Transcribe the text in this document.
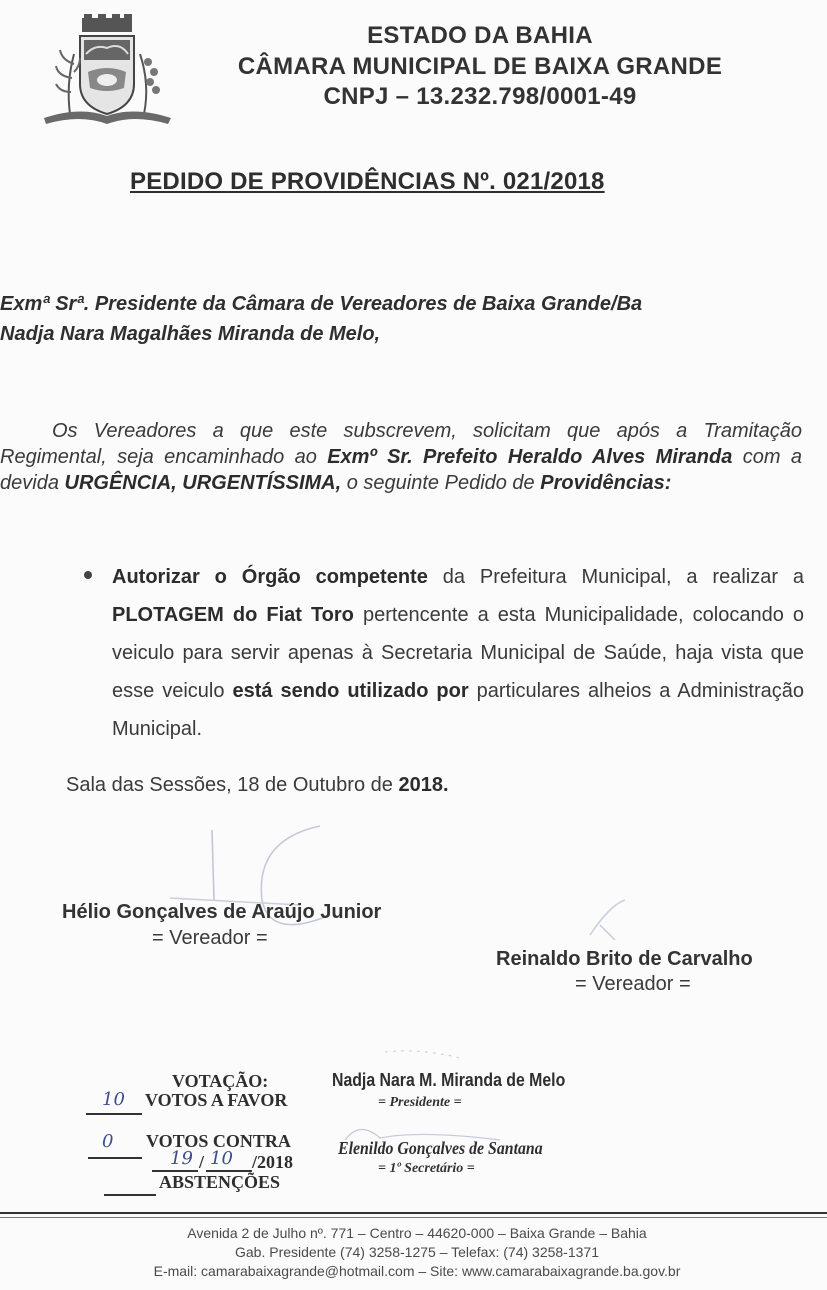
ESTADO DA BAHIA
CÂMARA MUNICIPAL DE BAIXA GRANDE
CNPJ – 13.232.798/0001-49
PEDIDO DE PROVIDÊNCIAS Nº. 021/2018
Exmª Srª. Presidente da Câmara de Vereadores de Baixa Grande/Ba
Nadja Nara Magalhães Miranda de Melo,
Os Vereadores a que este subscrevem, solicitam que após a Tramitação Regimental, seja encaminhado ao Exmº Sr. Prefeito Heraldo Alves Miranda com a devida URGÊNCIA, URGENTÍSSIMA, o seguinte Pedido de Providências:
Autorizar o Órgão competente da Prefeitura Municipal, a realizar a PLOTAGEM do Fiat Toro pertencente a esta Municipalidade, colocando o veiculo para servir apenas à Secretaria Municipal de Saúde, haja vista que esse veiculo está sendo utilizado por particulares alheios a Administração Municipal.
Sala das Sessões, 18 de Outubro de 2018.
Hélio Gonçalves de Araújo Junior
= Vereador =
Reinaldo Brito de Carvalho
= Vereador =
VOTAÇÃO:
10 VOTOS A FAVOR
0 VOTOS CONTRA
19 / 10 /2018
ABSTENÇÕES
Nadja Nara M. Miranda de Melo
= Presidente =
Elenildo Gonçalves de Santana
= 1º Secretário =
Avenida 2 de Julho nº. 771 – Centro – 44620-000 – Baixa Grande – Bahia
Gab. Presidente (74) 3258-1275 – Telefax: (74) 3258-1371
E-mail: camarabaixagrande@hotmail.com – Site: www.camarabaixagrande.ba.gov.br
